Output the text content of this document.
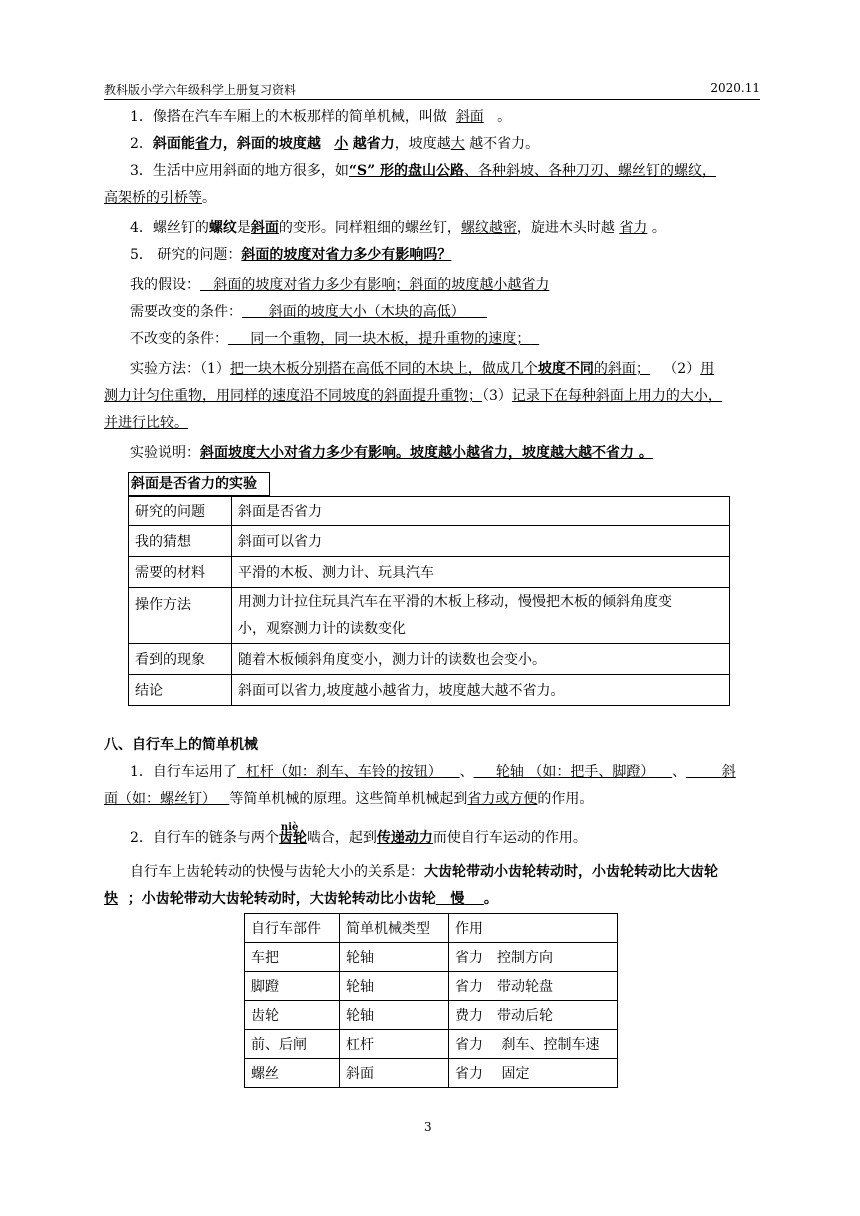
教科版小学六年级科学上册复习资料	2020.11
1．像搭在汽车车厢上的木板那样的简单机械，叫做 斜面 。
2．斜面能省力，斜面的坡度越 小 越省力，坡度越大 越不省力。
3．生活中应用斜面的地方很多，如“S” 形的盘山公路、各种斜坡、各种刀刃、螺丝钉的螺纹，
高架桥的引桥等。
4．螺丝钉的螺纹是斜面的变形。同样粗细的螺丝钉，螺纹越密，旋进木头时越 省力 。
5． 研究的问题：斜面的坡度对省力多少有影响吗？
我的假设： 斜面的坡度对省力多少有影响；斜面的坡度越小越省力
需要改变的条件： 斜面的坡度大小（木块的高低）
不改变的条件： 同一个重物，同一块木板，提升重物的速度；
实验方法：（1）把一块木板分别搭在高低不同的木块上，做成几个坡度不同的斜面； （2）用
测力计匀住重物，用同样的速度沿不同坡度的斜面提升重物；（3）记录下在每种斜面上用力的大小，
并进行比较。
实验说明：斜面坡度大小对省力多少有影响。坡度越小越省力，坡度越大越不省力 。
斜面是否省力的实验
研究的问题	斜面是否省力
我的猜想	斜面可以省力
需要的材料	平滑的木板、测力计、玩具汽车
操作方法	用测力计拉住玩具汽车在平滑的木板上移动，慢慢把木板的倾斜角度变
小，观察测力计的读数变化

看到的现象	随着木板倾斜角度变小，测力计的读数也会变小。
结论	斜面可以省力,坡度越小越省力，坡度越大越不省力。
八、自行车上的简单机械
1．自行车运用了 杠杆（如：刹车、车铃的按钮） 、 轮轴 （如：把手、脚蹬） 、	斜
面（如：螺丝钉） 等简单机械的原理。这些简单机械起到省力或方便的作用。
2．自行车的链条与两个齿轮
niè
啮合，起到传递动力而使自行车运动的作用。
自行车上齿轮转动的快慢与齿轮大小的关系是：大齿轮带动小齿轮转动时，小齿轮转动比大齿轮
快 ；小齿轮带动大齿轮转动时，大齿轮转动比小齿轮 慢 。
自行车部件	简单机械类型	作用
车把	轮轴	省力　控制方向
脚蹬	轮轴	省力　带动轮盘
齿轮	轮轴	费力　带动后轮
前、后闸	杠杆	省力　 刹车、控制车速
螺丝	斜面	省力　 固定
3
